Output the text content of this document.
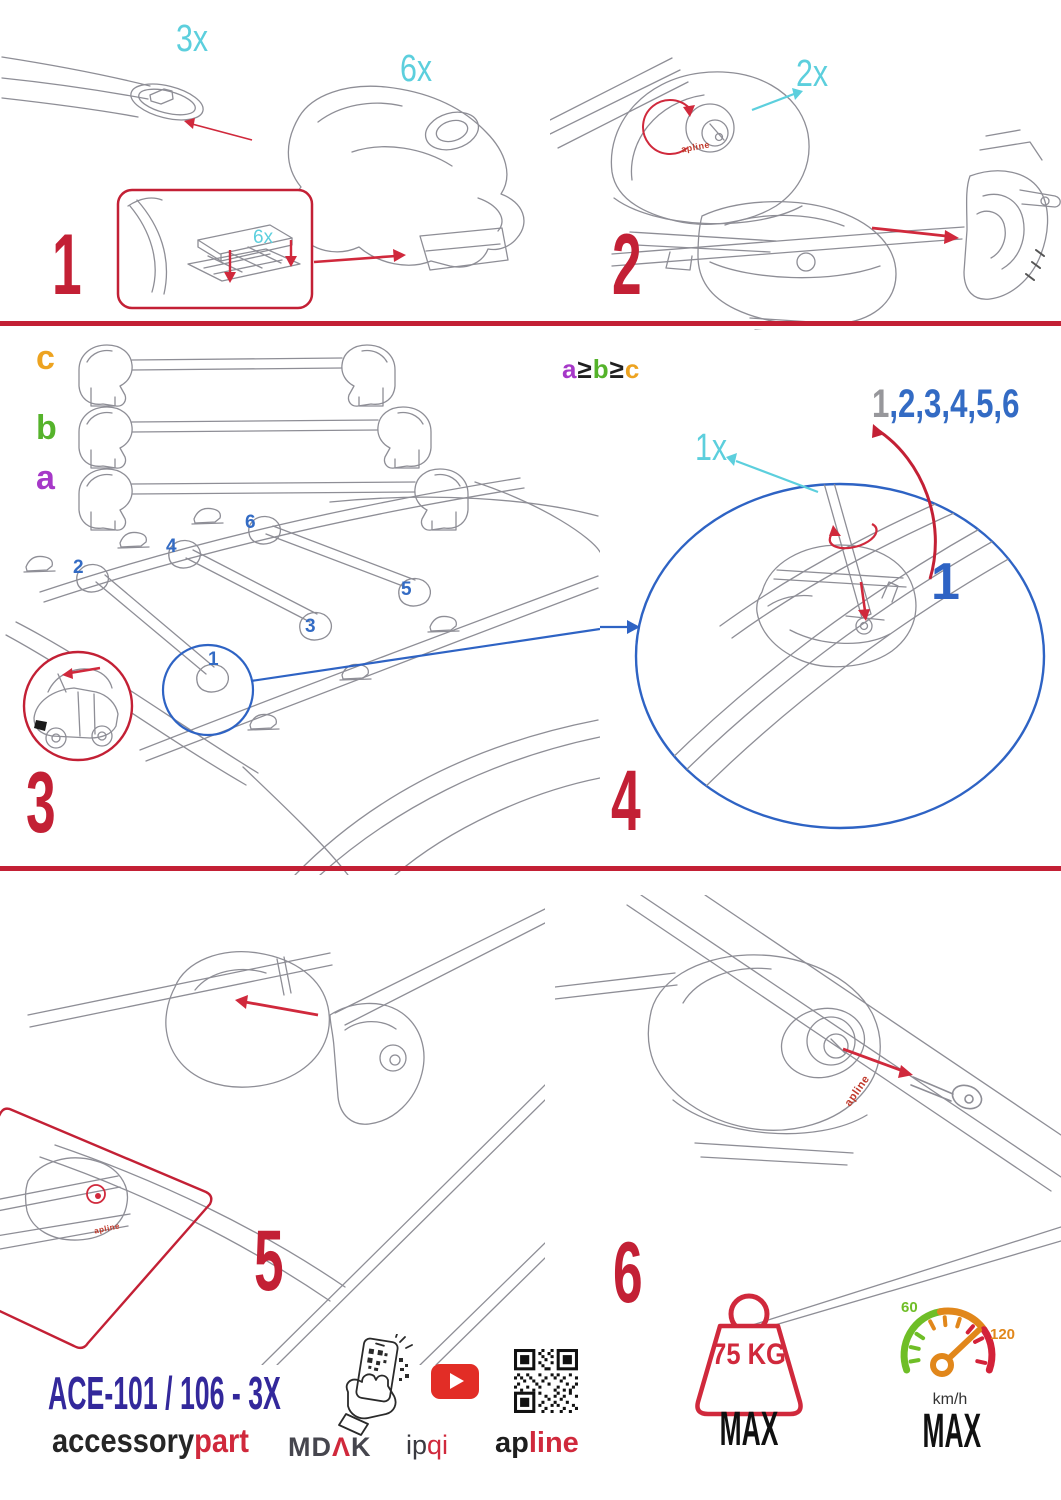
3x
6x
6x
1
2x
2
apline
c
b
a
a≥b≥c
2
4
6
3
5
1
3
1x
1,2,3,4,5,6
1
4
apline 5
apline
6
ACE-101 / 106 - 3X
accessorypart MDΛK ipqi apline
75 KG
MAX
60
120
km/h
MAX
